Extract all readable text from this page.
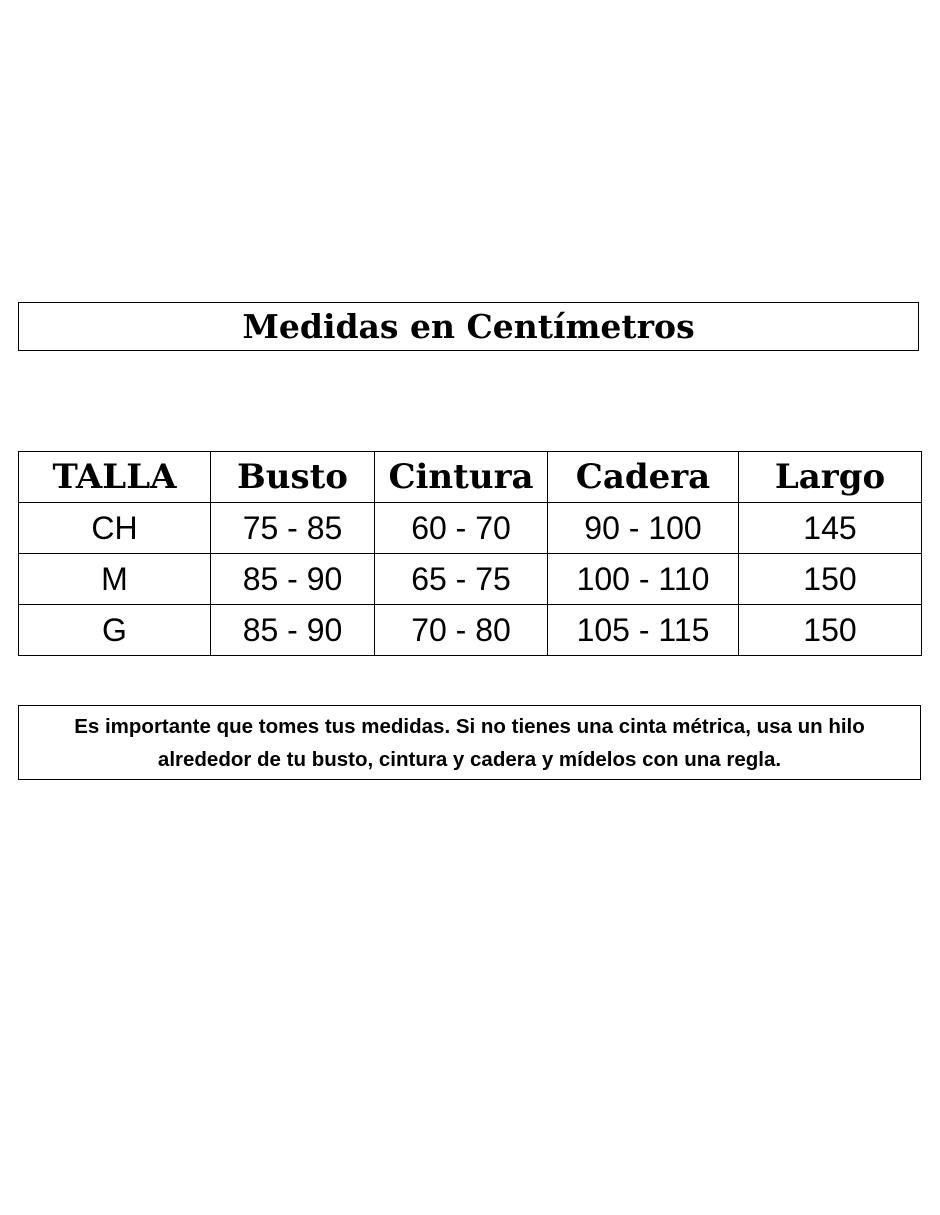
Medidas en Centímetros
TALLA	Busto	Cintura	Cadera	Largo
CH	75 - 85	60 - 70	90 - 100	145
M	85 - 90	65 - 75	100 - 110	150
G	85 - 90	70 - 80	105 - 115	150
Es importante que tomes tus medidas. Si no tienes una cinta métrica, usa un hilo alrededor de tu busto, cintura y cadera y mídelos con una regla.
